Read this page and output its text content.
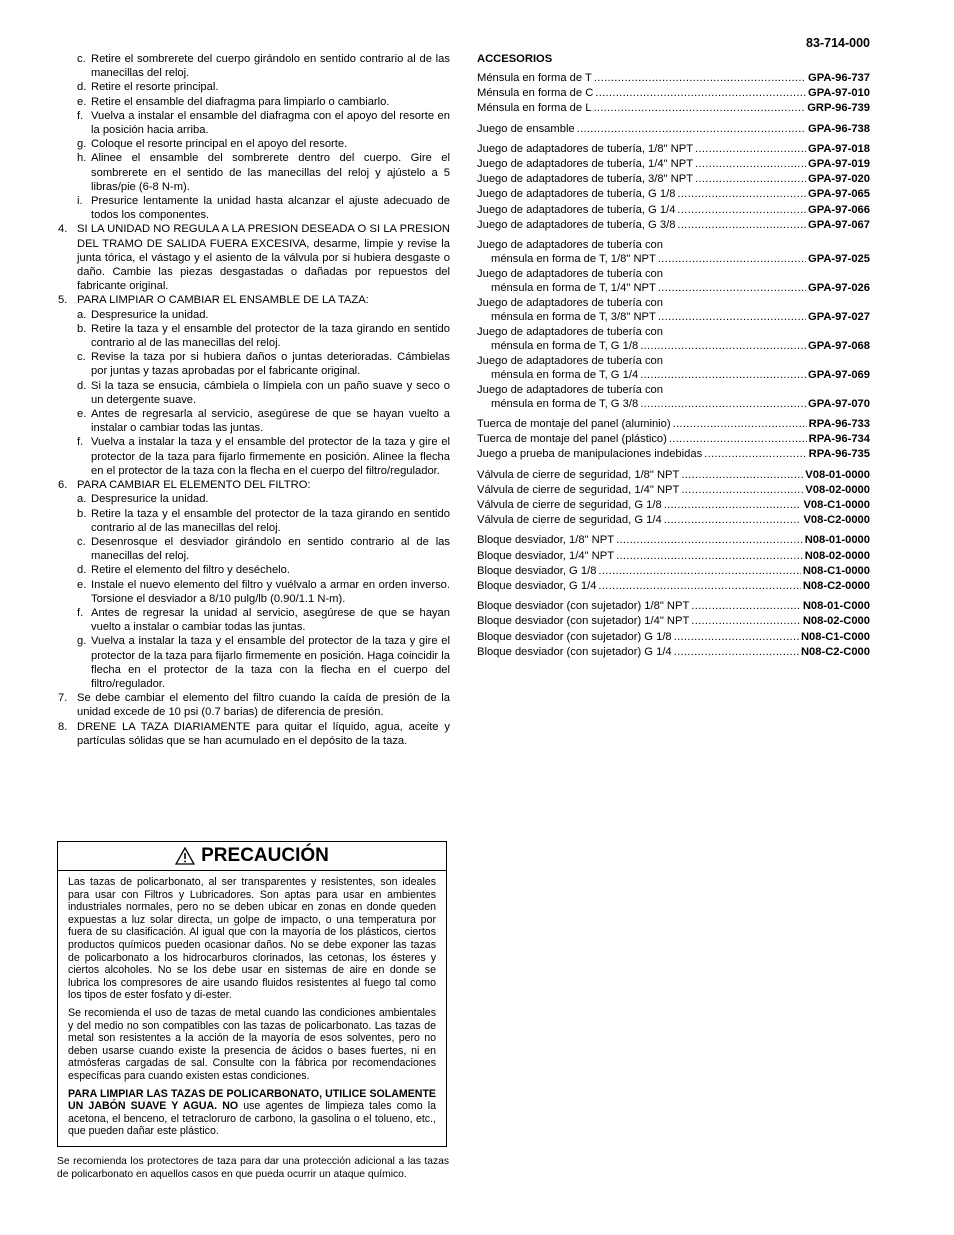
83-714-000
c. Retire el sombrerete del cuerpo girándolo en sentido contrario al de las manecillas del reloj.
d. Retire el resorte principal.
e. Retire el ensamble del diafragma para limpiarlo o cambiarlo.
f. Vuelva a instalar el ensamble del diafragma con el apoyo del resorte en la posición hacia arriba.
g. Coloque el resorte principal en el apoyo del resorte.
h. Alinee el ensamble del sombrerete dentro del cuerpo. Gire el sombrerete en el sentido de las manecillas del reloj y ajústelo a 5 libras/pie (6-8 N-m).
i. Presurice lentamente la unidad hasta alcanzar el ajuste adecuado de todos los componentes.
4. SI LA UNIDAD NO REGULA A LA PRESION DESEADA O SI LA PRESION DEL TRAMO DE SALIDA FUERA EXCESIVA, desarme, limpie y revise la junta tórica, el vástago y el asiento de la válvula por si hubiera desgaste o daño. Cambie las piezas desgastadas o dañadas por repuestos del fabricante original.
5. PARA LIMPIAR O CAMBIAR EL ENSAMBLE DE LA TAZA:
a. Despresurice la unidad.
b. Retire la taza y el ensamble del protector de la taza girando en sentido contrario al de las manecillas del reloj.
c. Revise la taza por si hubiera daños o juntas deterioradas. Cámbielas por juntas y tazas aprobadas por el fabricante original.
d. Si la taza se ensucia, cámbiela o límpiela con un paño suave y seco o un detergente suave.
e. Antes de regresarla al servicio, asegúrese de que se hayan vuelto a instalar o cambiar todas las juntas.
f. Vuelva a instalar la taza y el ensamble del protector de la taza y gire el protector de la taza para fijarlo firmemente en posición. Alinee la flecha en el protector de la taza con la flecha en el cuerpo del filtro/regulador.
6. PARA CAMBIAR EL ELEMENTO DEL FILTRO:
a. Despresurice la unidad.
b. Retire la taza y el ensamble del protector de la taza girando en sentido contrario al de las manecillas del reloj.
c. Desenrosque el desviador girándolo en sentido contrario al de las manecillas del reloj.
d. Retire el elemento del filtro y deséchelo.
e. Instale el nuevo elemento del filtro y vuélvalo a armar en orden inverso. Torsione el desviador a 8/10 pulg/lb (0.90/1.1 N-m).
f. Antes de regresar la unidad al servicio, asegúrese de que se hayan vuelto a instalar o cambiar todas las juntas.
g. Vuelva a instalar la taza y el ensamble del protector de la taza y gire el protector de la taza para fijarlo firmemente en posición. Haga coincidir la flecha en el protector de la taza con la flecha en el cuerpo del filtro/regulador.
7. Se debe cambiar el elemento del filtro cuando la caída de presión de la unidad excede de 10 psi (0.7 barias) de diferencia de presión.
8. DRENE LA TAZA DIARIAMENTE para quitar el líquido, agua, aceite y partículas sólidas que se han acumulado en el depósito de la taza.
ACCESORIOS
Ménsula en forma de T .....	GPA-96-737
Ménsula en forma de C .....	GPA-97-010
Ménsula en forma de L .....	GRP-96-739
Juego de ensamble .....	GPA-96-738
Juego de adaptadores de tubería, 1/8" NPT .....	GPA-97-018
Juego de adaptadores de tubería, 1/4" NPT .....	GPA-97-019
Juego de adaptadores de tubería, 3/8" NPT .....	GPA-97-020
Juego de adaptadores de tubería, G 1/8 .....	GPA-97-065
Juego de adaptadores de tubería, G 1/4 .....	GPA-97-066
Juego de adaptadores de tubería, G 3/8 .....	GPA-97-067
Juego de adaptadores de tubería con
ménsula en forma de T, 1/8" NPT .....	GPA-97-025
Juego de adaptadores de tubería con
ménsula en forma de T, 1/4" NPT .....	GPA-97-026
Juego de adaptadores de tubería con
ménsula en forma de T, 3/8" NPT .....	GPA-97-027
Juego de adaptadores de tubería con
ménsula en forma de T, G 1/8 .....	GPA-97-068
Juego de adaptadores de tubería con
ménsula en forma de T, G 1/4 .....	GPA-97-069
Juego de adaptadores de tubería con
ménsula en forma de T, G 3/8 .....	GPA-97-070
Tuerca de montaje del panel (aluminio) .....	RPA-96-733
Tuerca de montaje del panel (plástico) .....	RPA-96-734
Juego a prueba de manipulaciones indebidas .....	RPA-96-735
Válvula de cierre de seguridad, 1/8" NPT .....	V08-01-0000
Válvula de cierre de seguridad, 1/4" NPT .....	V08-02-0000
Válvula de cierre de seguridad, G 1/8 .....	V08-C1-0000
Válvula de cierre de seguridad, G 1/4 .....	V08-C2-0000
Bloque desviador, 1/8" NPT .....	N08-01-0000
Bloque desviador, 1/4" NPT .....	N08-02-0000
Bloque desviador, G 1/8 .....	N08-C1-0000
Bloque desviador, G 1/4 .....	N08-C2-0000
Bloque desviador (con sujetador) 1/8" NPT .....	N08-01-C000
Bloque desviador (con sujetador) 1/4" NPT .....	N08-02-C000
Bloque desviador (con sujetador) G 1/8 .....	N08-C1-C000
Bloque desviador (con sujetador) G 1/4 .....	N08-C2-C000
PRECAUCIÓN

Las tazas de policarbonato, al ser transparentes y resistentes, son ideales para usar con Filtros y Lubricadores. Son aptas para usar en ambientes industriales normales, pero no se deben ubicar en zonas en donde queden expuestas a luz solar directa, un golpe de impacto, o una temperatura por fuera de su clasificación. Al igual que con la mayoría de los plásticos, ciertos productos químicos pueden ocasionar daños. No se debe exponer las tazas de policarbonato a los hidrocarburos clorinados, las cetonas, los ésteres y ciertos alcoholes. No se los debe usar en sistemas de aire en donde se lubrica los compresores de aire usando fluidos resistentes al fuego tal como los tipos de ester fosfato y di-ester.

Se recomienda el uso de tazas de metal cuando las condiciones ambientales y del medio no son compatibles con las tazas de policarbonato. Las tazas de metal son resistentes a la acción de la mayoría de esos solventes, pero no deben usarse cuando existe la presencia de ácidos o bases fuertes, ni en atmósferas cargadas de sal. Consulte con la fábrica por recomendaciones específicas para cuando existen estas condiciones.

PARA LIMPIAR LAS TAZAS DE POLICARBONATO, UTILICE SOLAMENTE UN JABÓN SUAVE Y AGUA. NO use agentes de limpieza tales como la acetona, el benceno, el tetracloruro de carbono, la gasolina o el tolueno, etc., que pueden dañar este plástico.

Se recomienda los protectores de taza para dar una protección adicional a las tazas de policarbonato en aquellos casos en que pueda ocurrir un ataque químico.
